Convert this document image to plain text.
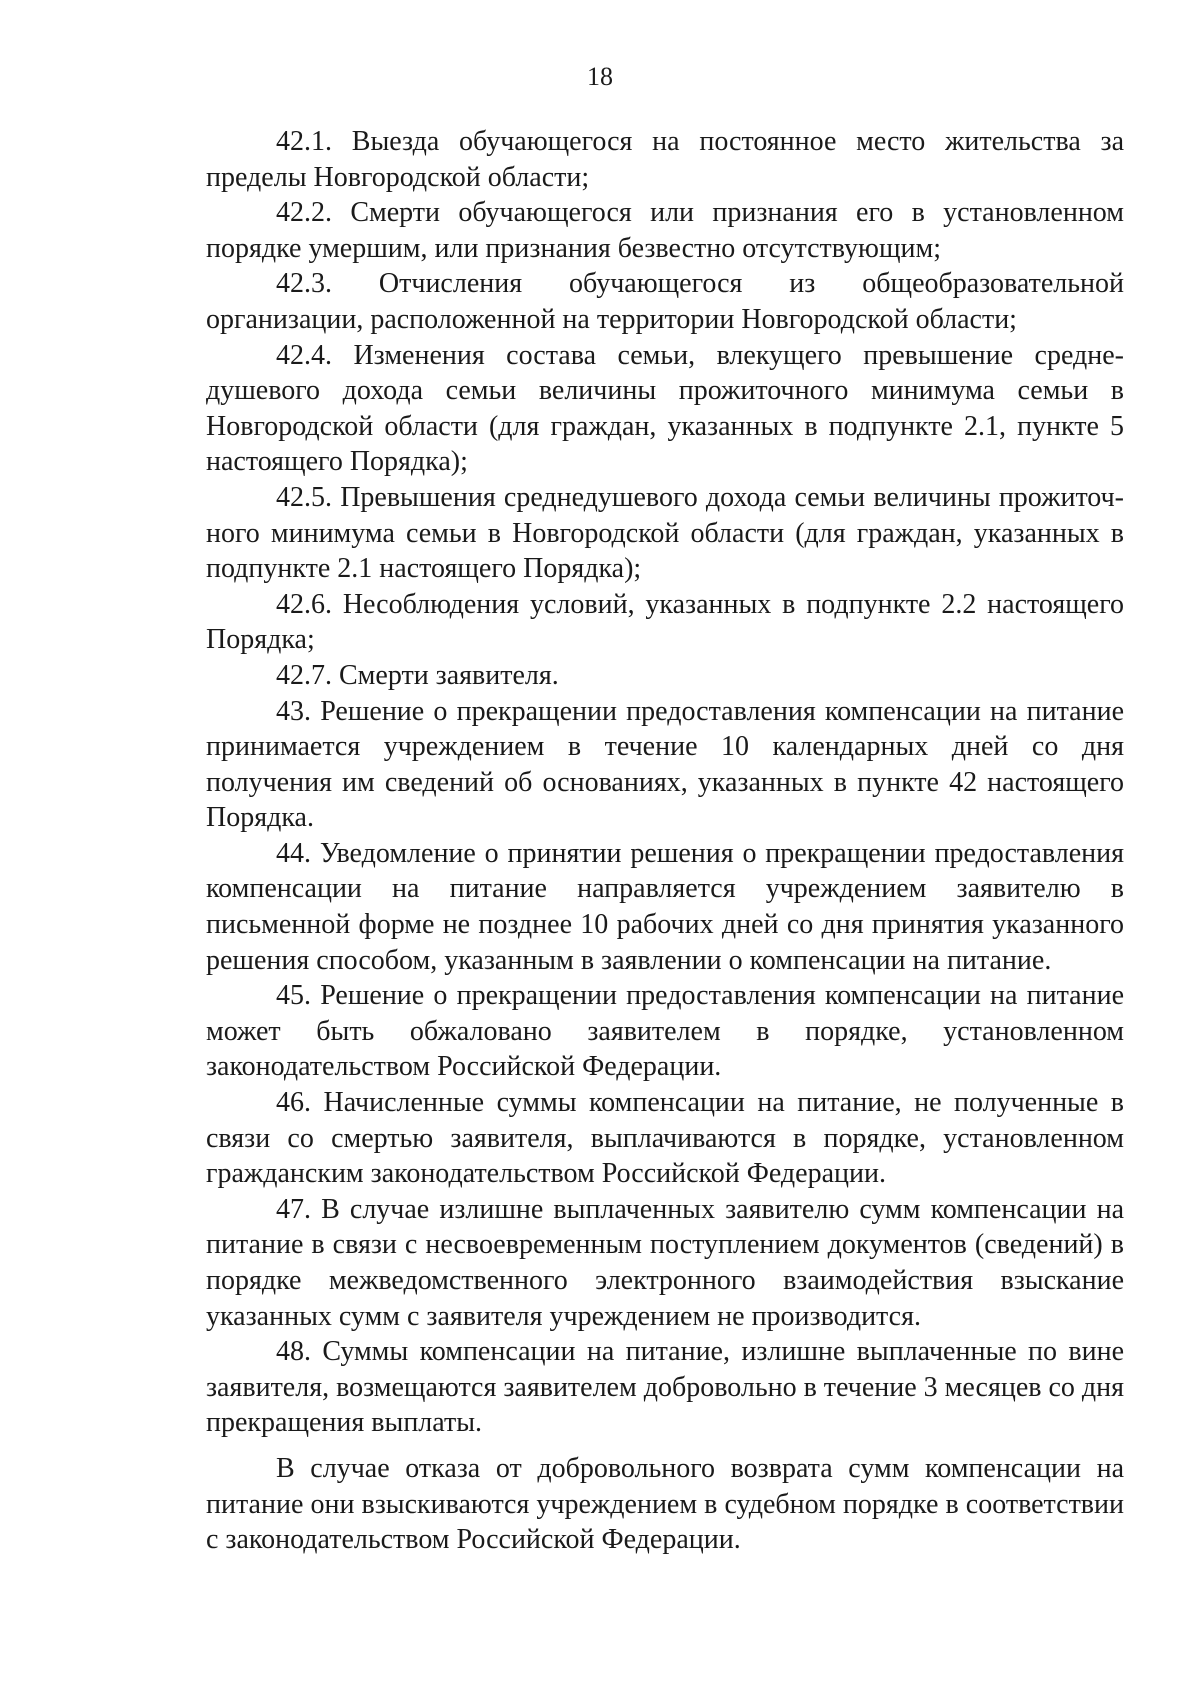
18

42.1. Выезда обучающегося на постоянное место жительства за пределы Новгородской области;

42.2. Смерти обучающегося или признания его в установленном порядке умершим, или признания безвестно отсутствующим;

42.3. Отчисления обучающегося из общеобразовательной организации, расположенной на территории Новгородской области;

42.4. Изменения состава семьи, влекущего превышение средне-душевого дохода семьи величины прожиточного минимума семьи в Новгородской области (для граждан, указанных в подпункте 2.1, пункте 5 настоящего Порядка);

42.5. Превышения среднедушевого дохода семьи величины прожиточ-ного минимума семьи в Новгородской области (для граждан, указанных в подпункте 2.1 настоящего Порядка);

42.6. Несоблюдения условий, указанных в подпункте 2.2 настоящего Порядка;

42.7. Смерти заявителя.

43. Решение о прекращении предоставления компенсации на питание принимается учреждением в течение 10 календарных дней со дня получения им сведений об основаниях, указанных в пункте 42 настоящего Порядка.

44. Уведомление о принятии решения о прекращении предоставления компенсации на питание направляется учреждением заявителю в письменной форме не позднее 10 рабочих дней со дня принятия указанного решения способом, указанным в заявлении о компенсации на питание.

45. Решение о прекращении предоставления компенсации на питание может быть обжаловано заявителем в порядке, установленном законодательством Российской Федерации.

46. Начисленные суммы компенсации на питание, не полученные в связи со смертью заявителя, выплачиваются в порядке, установленном гражданским законодательством Российской Федерации.

47. В случае излишне выплаченных заявителю сумм компенсации на питание в связи с несвоевременным поступлением документов (сведений) в порядке межведомственного электронного взаимодействия взыскание указанных сумм с заявителя учреждением не производится.

48. Суммы компенсации на питание, излишне выплаченные по вине заявителя, возмещаются заявителем добровольно в течение 3 месяцев со дня прекращения выплаты.

В случае отказа от добровольного возврата сумм компенсации на питание они взыскиваются учреждением в судебном порядке в соответствии с законодательством Российской Федерации.
